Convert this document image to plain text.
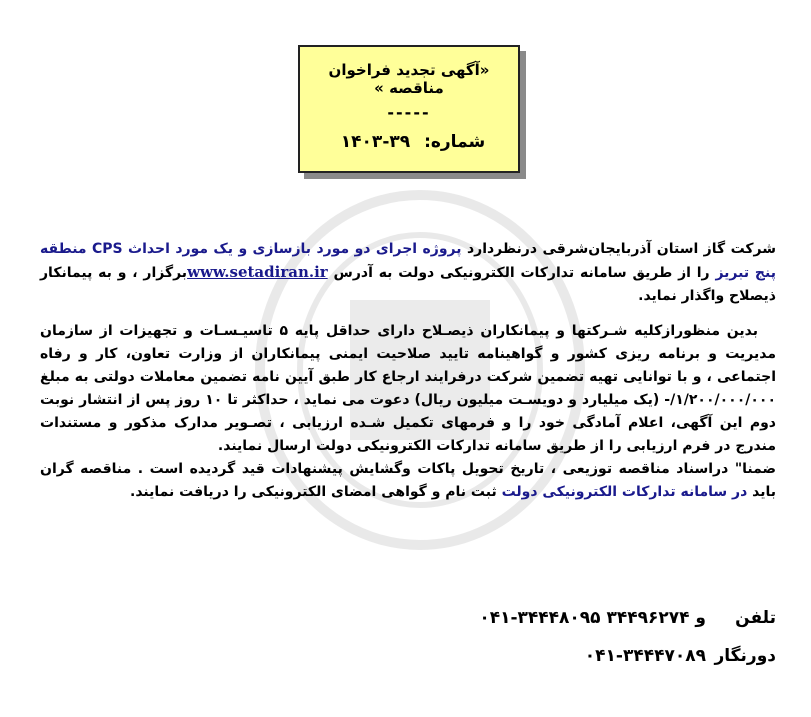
«آگهی تجدید فراخوان مناقصه »
-----
شماره: ۳۹-۱۴۰۳

شرکت گاز استان آذربایجان‌شرقی درنظردارد پروژه اجرای دو مورد بازسازی و یک مورد احداث CPS منطقه پنج تبریز را از طریق سامانه تدارکات الکترونیکی دولت به آدرس www.setadiran.irبرگزار ، و به پیمانکار ذیصلاح واگذار نماید.

بدین منظورازکلیه شـرکتها و پیمانکاران ذیصـلاح دارای حداقل پایه ۵ تاسیـسـات و تجهیزات از سازمان مدیریت و برنامه ریزی کشور و گواهینامه تایید صلاحیت ایمنی پیمانکاران از وزارت تعاون، کار و رفاه اجتماعی ، و با توانایی تهیه تضمین شرکت درفرایند ارجاع کار طبق آیین نامه تضمین معاملات دولتی به مبلغ ۱/۲۰۰/۰۰۰/۰۰۰/- (یک میلیارد و دویسـت میلیون ریال) دعوت می نماید ، حداکثر تا ۱۰ روز پس از انتشار نوبت دوم این آگهی، اعلام آمادگی خود را و فرمهای تکمیل شـده ارزیابی ، تصـویر مدارک مذکور و مستندات مندرج در فرم ارزیابی را از طریق سامانه تدارکات الکترونیکی دولت ارسال نمایند.

ضمنا" دراسناد مناقصه توزیعی ، تاریخ تحویل پاکات وگشایش پیشنهادات قید گردیده است . مناقصه گران باید در سامانه تدارکات الکترونیکی دولت ثبت نام و گواهی امضای الکترونیکی را دریافت نمایند.

تلفن
۰۴۱-۳۴۴۴۸۰۹۵ و ۳۴۴۹۶۲۷۴
دورنگار
۰۴۱-۳۴۴۴۷۰۸۹
